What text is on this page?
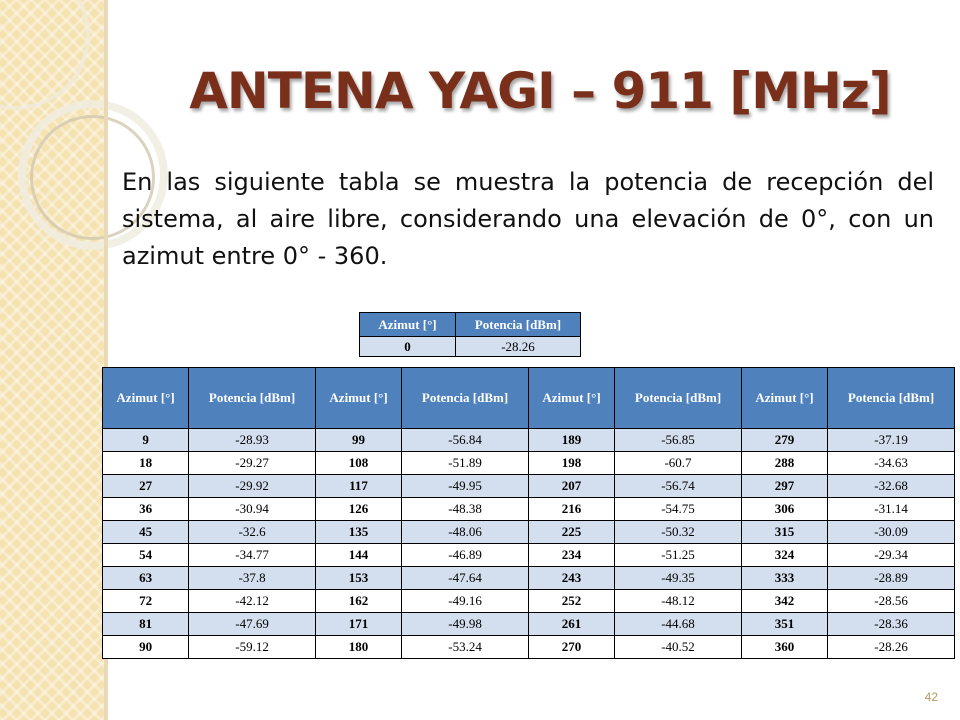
ANTENA YAGI – 911 [MHz]

En las siguiente tabla se muestra la potencia de recepción del sistema, al aire libre, considerando una elevación de 0°, con un azimut entre 0° - 360.

Azimut [°]	Potencia [dBm]
0	-28.26
Azimut [°]	Potencia [dBm]	Azimut [°]	Potencia [dBm]	Azimut [°]	Potencia [dBm]	Azimut [°]	Potencia [dBm]
9	-28.93	99	-56.84	189	-56.85	279	-37.19
18	-29.27	108	-51.89	198	-60.7	288	-34.63
27	-29.92	117	-49.95	207	-56.74	297	-32.68
36	-30.94	126	-48.38	216	-54.75	306	-31.14
45	-32.6	135	-48.06	225	-50.32	315	-30.09
54	-34.77	144	-46.89	234	-51.25	324	-29.34
63	-37.8	153	-47.64	243	-49.35	333	-28.89
72	-42.12	162	-49.16	252	-48.12	342	-28.56
81	-47.69	171	-49.98	261	-44.68	351	-28.36
90	-59.12	180	-53.24	270	-40.52	360	-28.26
42
